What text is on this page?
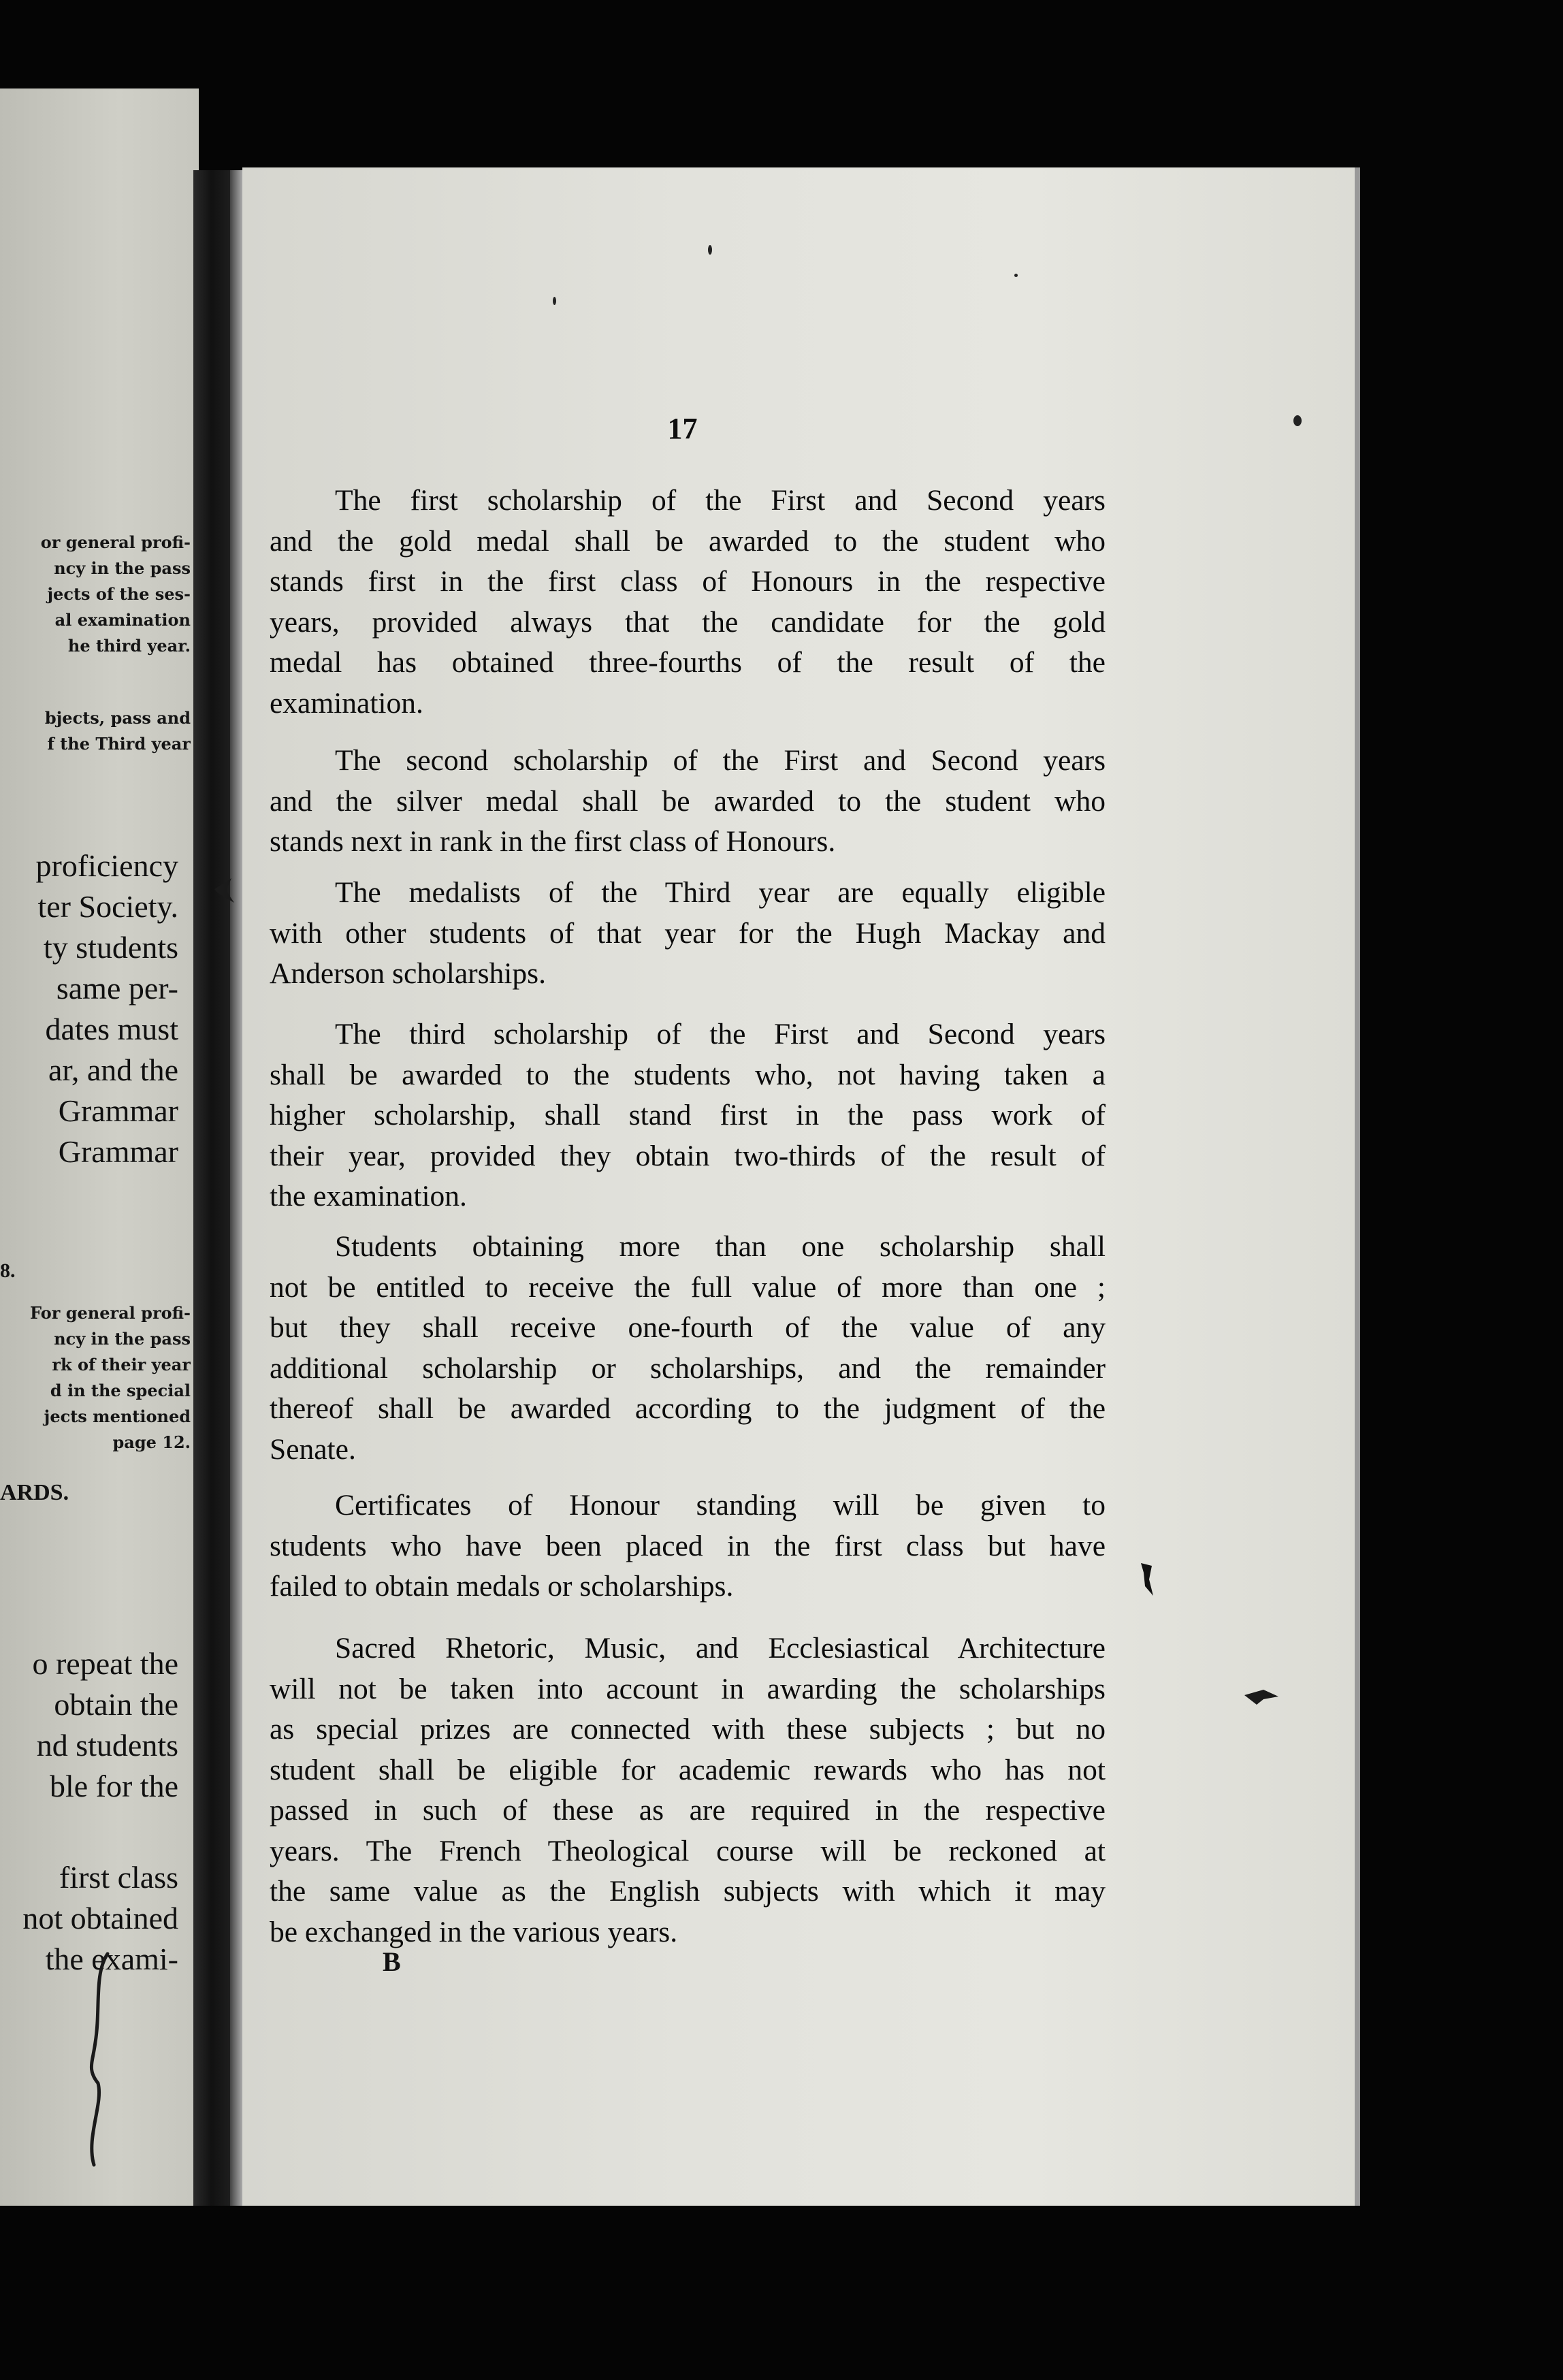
or general profi-
ncy in the pass
jects of the ses-
al examination
he third year.
bjects, pass and
f the Third year
proficiency
ter Society.
ty students
same per-
dates must
ar, and the
Grammar
Grammar
8.
For general profi-
ncy in the pass
rk of their year
d in the special
jects mentioned
page 12.
ARDS.
o repeat the
obtain the
nd students
ble for the
first class
not obtained
the exami-
17
The first scholarship of the First and Second years
and the gold medal shall be awarded to the student who
stands first in the first class of Honours in the respective
years, provided always that the candidate for the gold
medal has obtained three-fourths of the result of the
examination.
The second scholarship of the First and Second years
and the silver medal shall be awarded to the student who
stands next in rank in the first class of Honours.
The medalists of the Third year are equally eligible
with other students of that year for the Hugh Mackay and
Anderson scholarships.
The third scholarship of the First and Second years
shall be awarded to the students who, not having taken a
higher scholarship, shall stand first in the pass work of
their year, provided they obtain two-thirds of the result of
the examination.
Students obtaining more than one scholarship shall
not be entitled to receive the full value of more than one ;
but they shall receive one-fourth of the value of any
additional scholarship or scholarships, and the remainder
thereof shall be awarded according to the judgment of the
Senate.
Certificates of Honour standing will be given to
students who have been placed in the first class but have
failed to obtain medals or scholarships.
Sacred Rhetoric, Music, and Ecclesiastical Architecture
will not be taken into account in awarding the scholarships
as special prizes are connected with these subjects ; but no
student shall be eligible for academic rewards who has not
passed in such of these as are required in the respective
years. The French Theological course will be reckoned at
the same value as the English subjects with which it may
be exchanged in the various years.
B
